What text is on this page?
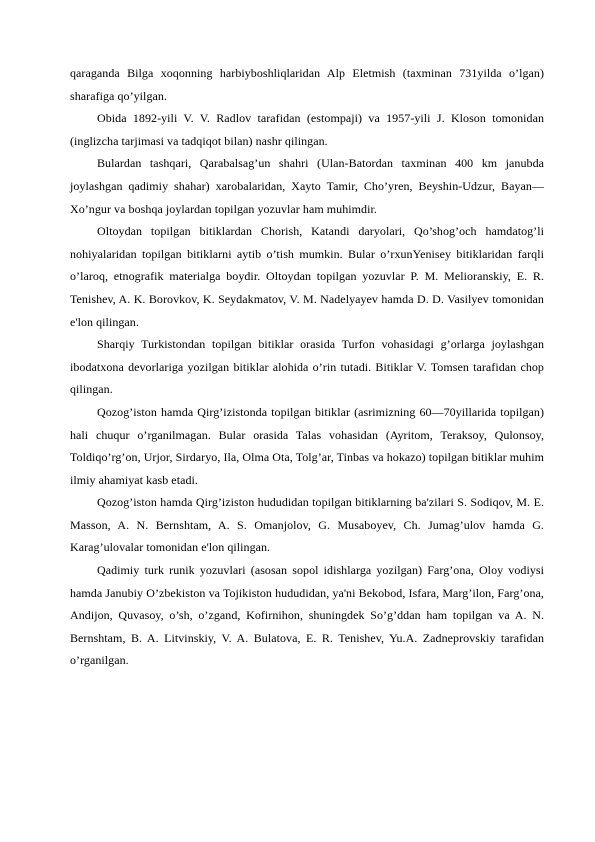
qaraganda Bilga xoqonning harbiyboshliqlaridan Alp Eletmish (taxminan 731yilda o’lgan) sharafiga qo’yilgan.

Obida 1892-yili V. V. Radlov tarafidan (estompaji) va 1957-yili J. Kloson tomonidan (inglizcha tarjimasi va tadqiqot bilan) nashr qilingan.

Bulardan tashqari, Qarabalsag’un shahri (Ulan-Batordan taxminan 400 km janubda joylashgan qadimiy shahar) xarobalaridan, Xayto Tamir, Cho’yren, Beyshin-Udzur, Bayan—Xo’ngur va boshqa joylardan topilgan yozuvlar ham muhimdir.

Oltoydan topilgan bitiklardan Chorish, Katandi daryolari, Qo’shog’och hamdatog’li nohiyalaridan topilgan bitiklarni aytib o’tish mumkin. Bular o’rxunYenisey bitiklaridan farqli o’laroq, etnografik materialga boydir. Oltoydan topilgan yozuvlar P. M. Melioranskiy, E. R. Tenishev, A. K. Borovkov, K. Seydakmatov, V. M. Nadelyayev hamda D. D. Vasilyev tomonidan e'lon qilingan.

Sharqiy Turkistondan topilgan bitiklar orasida Turfon vohasidagi g’orlarga joylashgan ibodatxona devorlariga yozilgan bitiklar alohida o’rin tutadi. Bitiklar V. Tomsen tarafidan chop qilingan.

Qozog’iston hamda Qirg’izistonda topilgan bitiklar (asrimizning 60—70yillarida topilgan) hali chuqur o’rganilmagan. Bular orasida Talas vohasidan (Ayritom, Teraksoy, Qulonsoy, Toldiqo’rg’on, Urjor, Sirdaryo, Ila, Olma Ota, Tolg’ar, Tinbas va hokazo) topilgan bitiklar muhim ilmiy ahamiyat kasb etadi.

Qozog’iston hamda Qirg’iziston hududidan topilgan bitiklarning ba'zilari S. Sodiqov, M. E. Masson, A. N. Bernshtam, A. S. Omanjolov, G. Musaboyev, Ch. Jumag’ulov hamda G. Karag’ulovalar tomonidan e'lon qilingan.

Qadimiy turk runik yozuvlari (asosan sopol idishlarga yozilgan) Farg’ona, Oloy vodiysi hamda Janubiy O’zbekiston va Tojikiston hududidan, ya'ni Bekobod, Isfara, Marg’ilon, Farg’ona, Andijon, Quvasoy, o’sh, o’zgand, Kofirnihon, shuningdek So’g’ddan ham topilgan va A. N. Bernshtam, B. A. Litvinskiy, V. A. Bulatova, E. R. Tenishev, Yu.A. Zadneprovskiy tarafidan o’rganilgan.
